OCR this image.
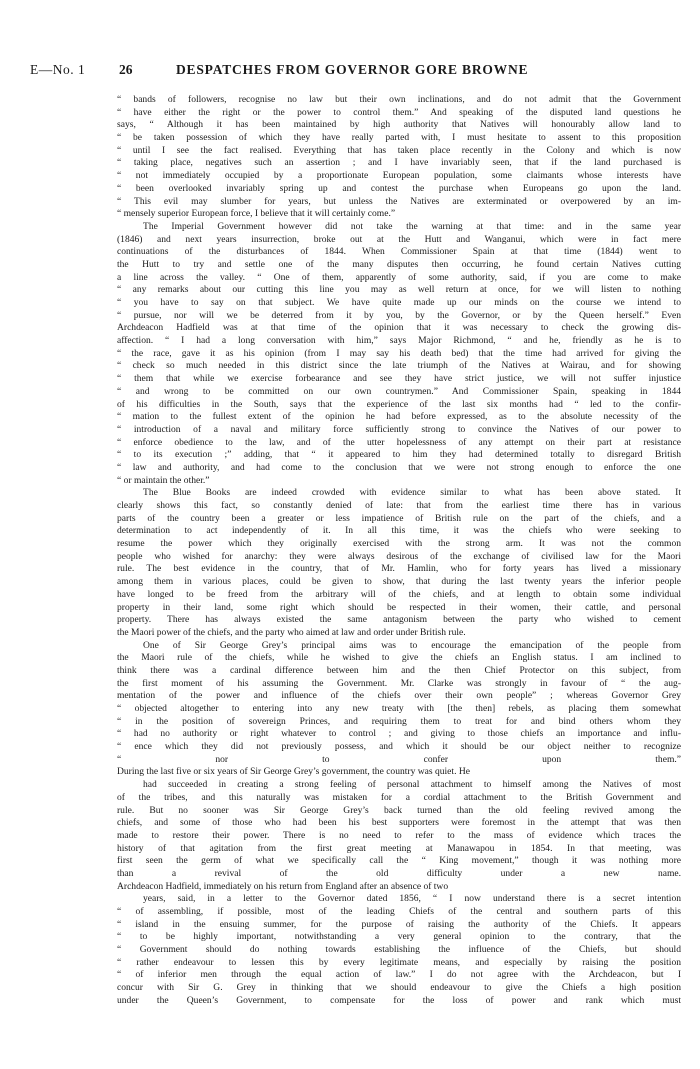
E—No. 1	26	DESPATCHES FROM GOVERNOR GORE BROWNE
“ bands of followers, recognise no law but their own inclinations, and do not admit that the Government
“ have either the right or the power to control them.” And speaking of the disputed land questions he
says, “ Although it has been maintained by high authority that Natives will honourably allow land to
“ be taken possession of which they have really parted with, I must hesitate to assent to this proposition
“ until I see the fact realised. Everything that has taken place recently in the Colony and which is now
“ taking place, negatives such an assertion ; and I have invariably seen, that if the land purchased is
“ not immediately occupied by a proportionate European population, some claimants whose interests have
“ been overlooked invariably spring up and contest the purchase when Europeans go upon the land.
“ This evil may slumber for years, but unless the Natives are exterminated or overpowered by an im-
“ mensely superior European force, I believe that it will certainly come.”
The Imperial Government however did not take the warning at that time: and in the same year
(1846) and next years insurrection, broke out at the Hutt and Wanganui, which were in fact mere
continuations of the disturbances of 1844. When Commissioner Spain at that time (1844) went to
the Hutt to try and settle one of the many disputes then occurring, he found certain Natives cutting
a line across the valley. “ One of them, apparently of some authority, said, if you are come to make
“ any remarks about our cutting this line you may as well return at once, for we will listen to nothing
“ you have to say on that subject. We have quite made up our minds on the course we intend to
“ pursue, nor will we be deterred from it by you, by the Governor, or by the Queen herself.” Even
Archdeacon Hadfield was at that time of the opinion that it was necessary to check the growing dis-
affection. “ I had a long conversation with him,” says Major Richmond, “ and he, friendly as he is to
“ the race, gave it as his opinion (from I may say his death bed) that the time had arrived for giving the
“ check so much needed in this district since the late triumph of the Natives at Wairau, and for showing
“ them that while we exercise forbearance and see they have strict justice, we will not suffer injustice
“ and wrong to be committed on our own countrymen.” And Commissioner Spain, speaking in 1844
of his difficulties in the South, says that the experience of the last six months had “ led to the confir-
“ mation to the fullest extent of the opinion he had before expressed, as to the absolute necessity of the
“ introduction of a naval and military force sufficiently strong to convince the Natives of our power to
“ enforce obedience to the law, and of the utter hopelessness of any attempt on their part at resistance
“ to its execution ;” adding, that “ it appeared to him they had determined totally to disregard British
“ law and authority, and had come to the conclusion that we were not strong enough to enforce the one
“ or maintain the other.”
The Blue Books are indeed crowded with evidence similar to what has been above stated. It
clearly shows this fact, so constantly denied of late: that from the earliest time there has in various
parts of the country been a greater or less impatience of British rule on the part of the chiefs, and a
determination to act independently of it. In all this time, it was the chiefs who were seeking to
resume the power which they originally exercised with the strong arm. It was not the common
people who wished for anarchy: they were always desirous of the exchange of civilised law for the Maori
rule. The best evidence in the country, that of Mr. Hamlin, who for forty years has lived a missionary
among them in various places, could be given to show, that during the last twenty years the inferior people
have longed to be freed from the arbitrary will of the chiefs, and at length to obtain some individual
property in their land, some right which should be respected in their women, their cattle, and personal
property. There has always existed the same antagonism between the party who wished to cement
the Maori power of the chiefs, and the party who aimed at law and order under British rule.
One of Sir George Grey’s principal aims was to encourage the emancipation of the people from
the Maori rule of the chiefs, while he wished to give the chiefs an English status. I am inclined to
think there was a cardinal difference between him and the then Chief Protector on this subject, from
the first moment of his assuming the Government. Mr. Clarke was strongly in favour of “ the aug-
mentation of the power and influence of the chiefs over their own people” ; whereas Governor Grey
“ objected altogether to entering into any new treaty with [the then] rebels, as placing them somewhat
“ in the position of sovereign Princes, and requiring them to treat for and bind others whom they
“ had no authority or right whatever to control ; and giving to those chiefs an importance and influ-
“ ence which they did not previously possess, and which it should be our object neither to recognize
“ nor to confer upon them.”
During the last five or six years of Sir George Grey’s government, the country was quiet. He
had succeeded in creating a strong feeling of personal attachment to himself among the Natives of most
of the tribes, and this naturally was mistaken for a cordial attachment to the British Government and
rule. But no sooner was Sir George Grey’s back turned than the old feeling revived among the
chiefs, and some of those who had been his best supporters were foremost in the attempt that was then
made to restore their power. There is no need to refer to the mass of evidence which traces the
history of that agitation from the first great meeting at Manawapou in 1854. In that meeting, was
first seen the germ of what we specifically call the “ King movement,” though it was nothing more
than a revival of the old difficulty under a new name.
Archdeacon Hadfield, immediately on his return from England after an absence of two
years, said, in a letter to the Governor dated 1856, “ I now understand there is a secret intention
“ of assembling, if possible, most of the leading Chiefs of the central and southern parts of this
“ island in the ensuing summer, for the purpose of raising the authority of the Chiefs. It appears
“ to be highly important, notwithstanding a very general opinion to the contrary, that the
“ Government should do nothing towards establishing the influence of the Chiefs, but should
“ rather endeavour to lessen this by every legitimate means, and especially by raising the position
“ of inferior men through the equal action of law.” I do not agree with the Archdeacon, but I
concur with Sir G. Grey in thinking that we should endeavour to give the Chiefs a high position
under the Queen’s Government, to compensate for the loss of power and rank which must
